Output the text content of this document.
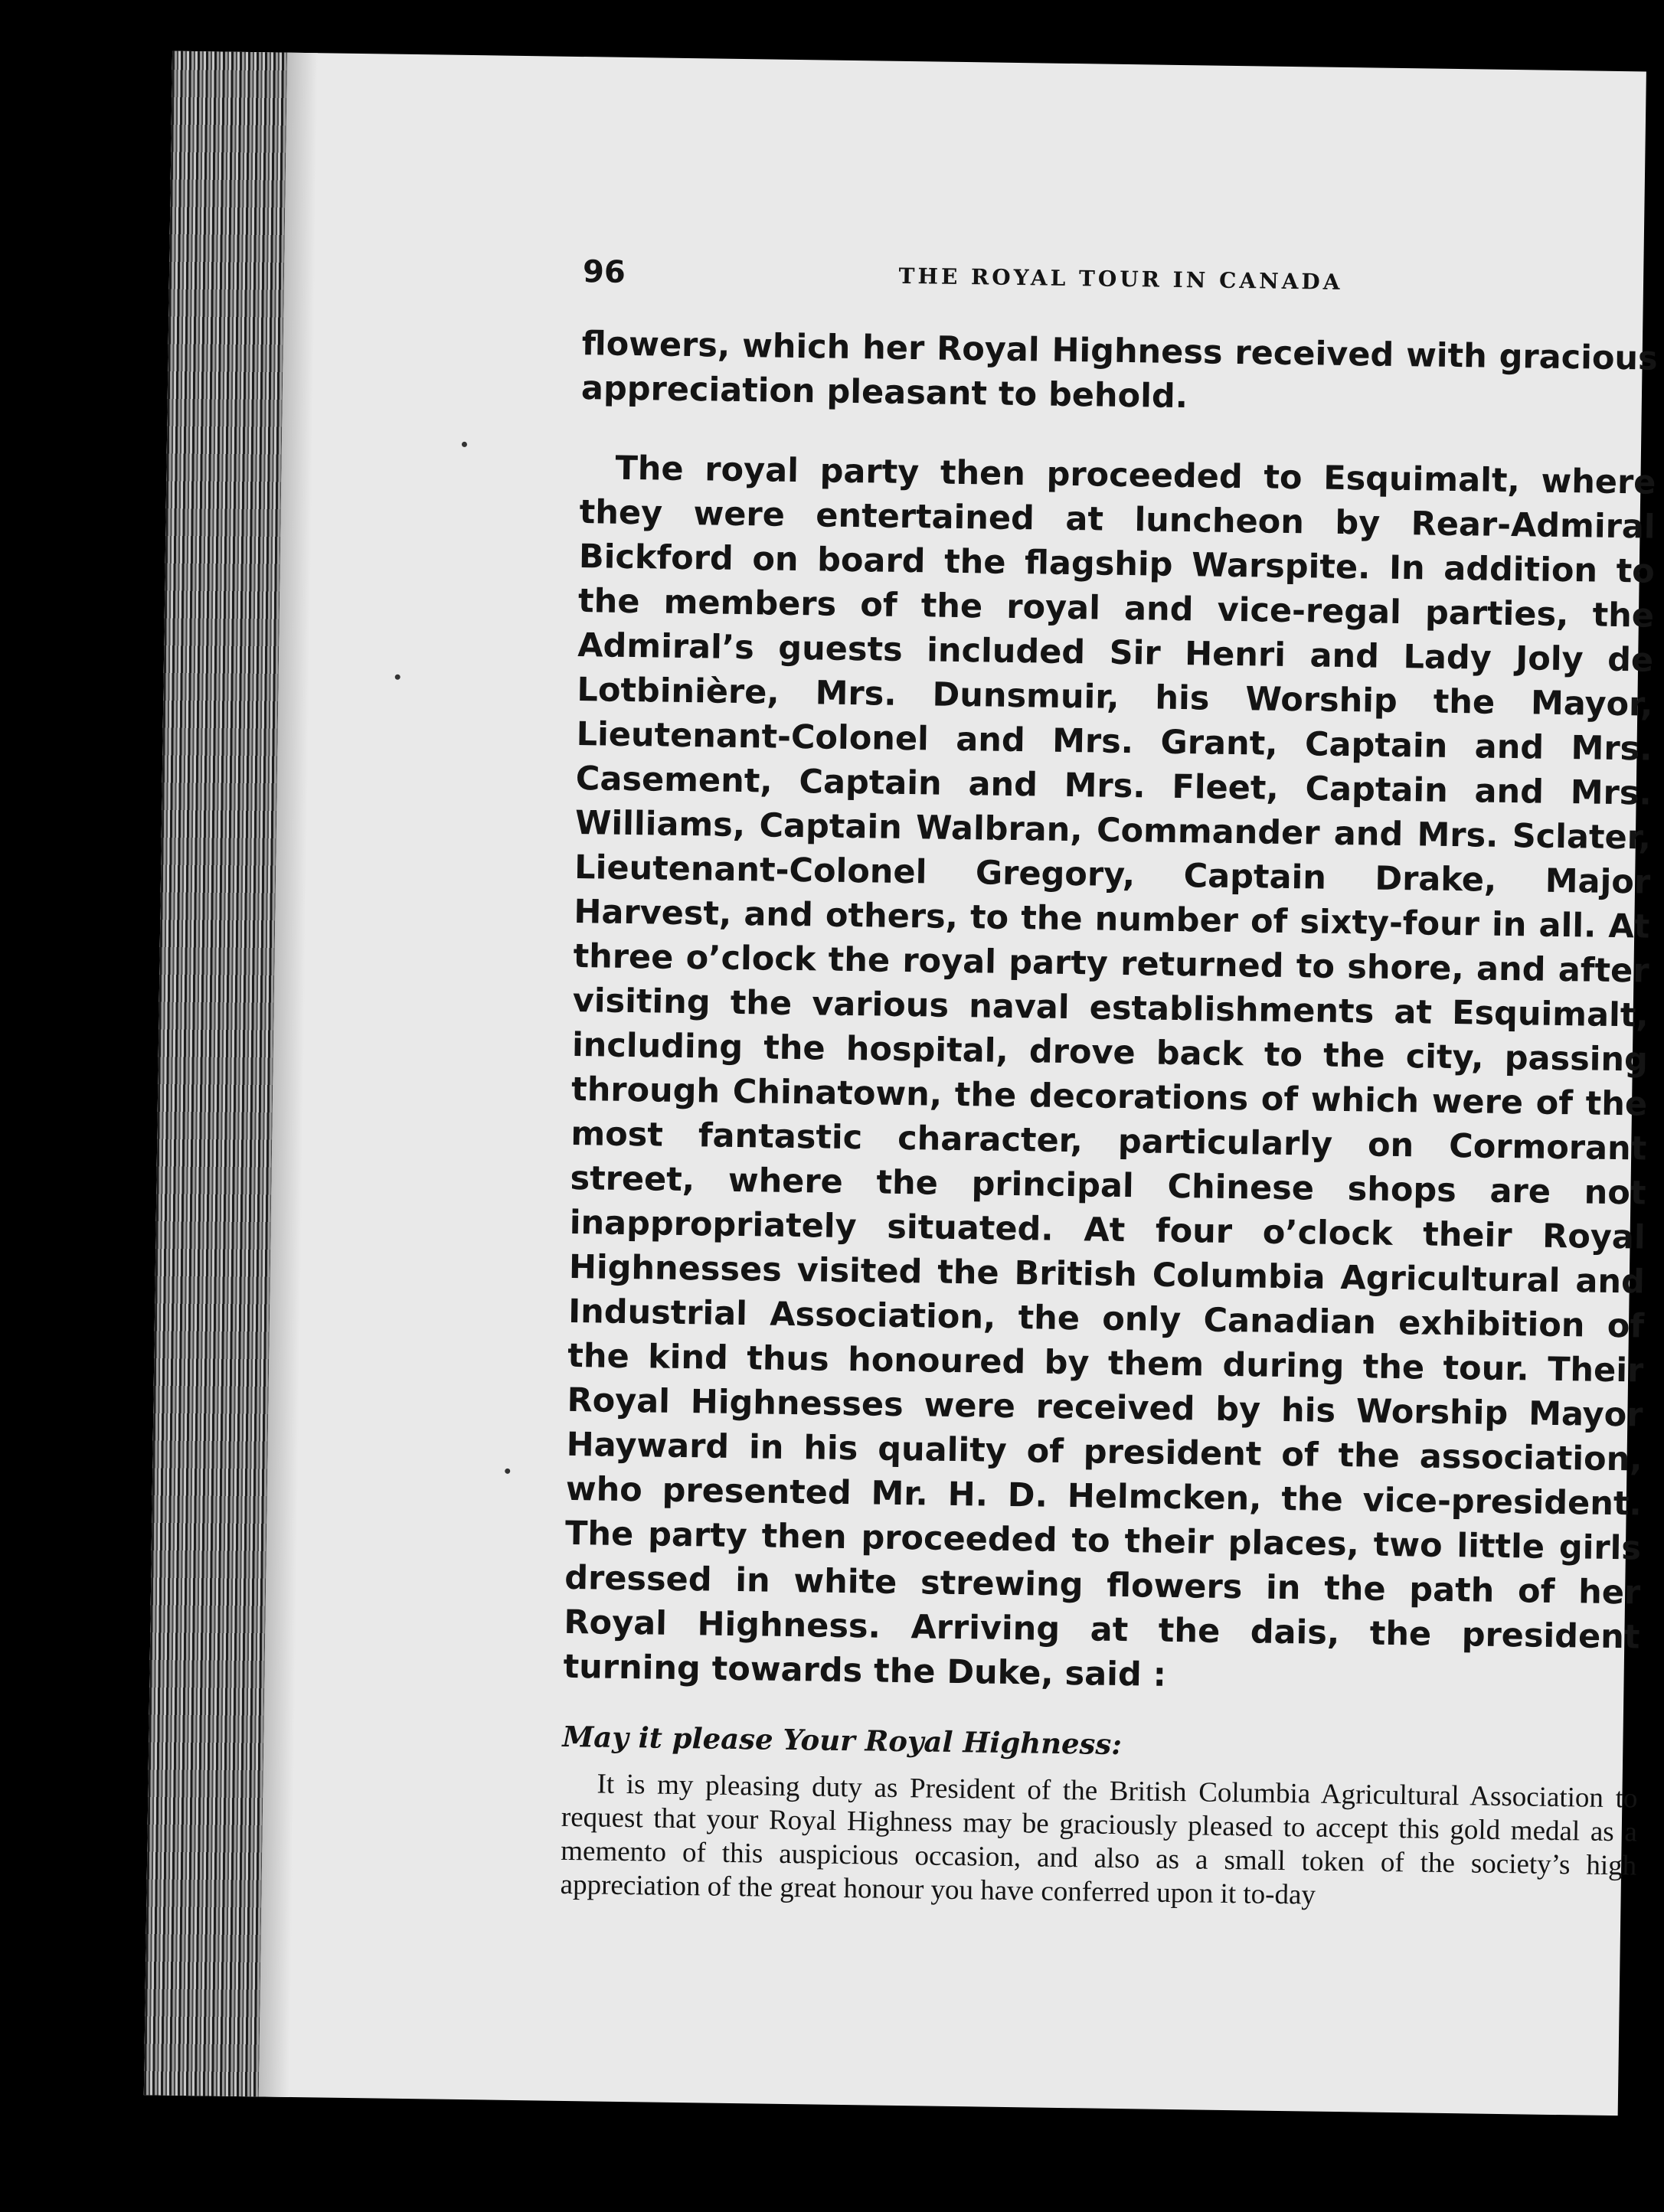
96	THE ROYAL TOUR IN CANADA

flowers, which her Royal Highness received with gracious appreciation pleasant to behold.

The royal party then proceeded to Esquimalt, where they were entertained at luncheon by Rear-Admiral Bickford on board the flagship Warspite. In addition to the members of the royal and vice-regal parties, the Admiral’s guests included Sir Henri and Lady Joly de Lotbinière, Mrs. Dunsmuir, his Worship the Mayor, Lieutenant-Colonel and Mrs. Grant, Captain and Mrs. Casement, Captain and Mrs. Fleet, Captain and Mrs. Williams, Captain Walbran, Commander and Mrs. Sclater, Lieutenant-Colonel Gregory, Captain Drake, Major Harvest, and others, to the number of sixty-four in all. At three o’clock the royal party returned to shore, and after visiting the various naval establishments at Esquimalt, including the hospital, drove back to the city, passing through Chinatown, the decorations of which were of the most fantastic character, particularly on Cormorant street, where the principal Chinese shops are not inappropriately situated. At four o’clock their Royal Highnesses visited the British Columbia Agricultural and Industrial Association, the only Canadian exhibition of the kind thus honoured by them during the tour. Their Royal Highnesses were received by his Worship Mayor Hayward in his quality of president of the association, who presented Mr. H. D. Helmcken, the vice-president. The party then proceeded to their places, two little girls dressed in white strewing flowers in the path of her Royal Highness. Arriving at the dais, the president turning towards the Duke, said :

May it please Your Royal Highness:

It is my pleasing duty as President of the British Columbia Agricultural Association to request that your Royal Highness may be graciously pleased to accept this gold medal as a memento of this auspicious occasion, and also as a small token of the society’s high appreciation of the great honour you have conferred upon it to-day
